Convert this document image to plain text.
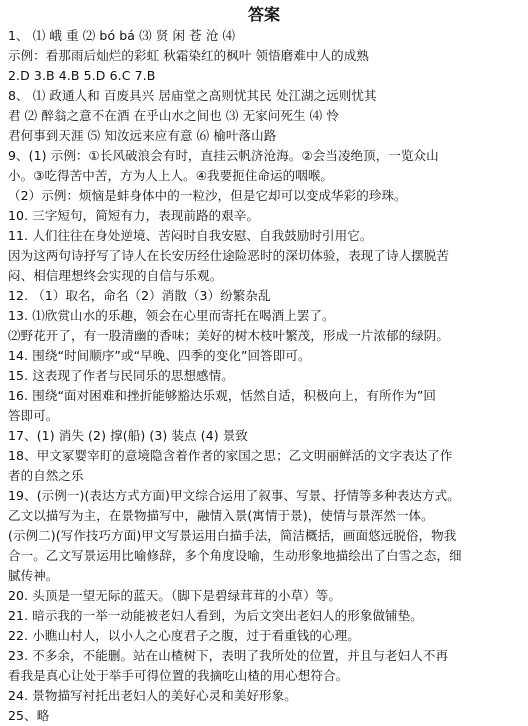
答案
1、 ⑴ 峨 重 ⑵ bó bá ⑶ 贤 闲 苍 沧 ⑷
示例：看那雨后灿烂的彩虹 秋霜染红的枫叶 领悟磨难中人的成熟
2.D 3.B 4.B 5.D 6.C 7.B
8、 ⑴ 政通人和 百废具兴 居庙堂之高则忧其民 处江湖之远则忧其
君 ⑵ 醉翁之意不在酒 在乎山水之间也 ⑶ 无家问死生 ⑷ 怜
君何事到天涯 ⑸ 知汝远来应有意 ⑹ 榆叶落山路
9、(1) 示例：①长风破浪会有时，直挂云帆济沧海。②会当凌绝顶，一览众山
小。③吃得苦中苦，方为人上人。④我要扼住命运的咽喉。
（2）示例：烦恼是蚌身体中的一粒沙，但是它却可以变成华彩的珍珠。
10. 三字短句，简短有力，表现前路的艰辛。
11. 人们往往在身处逆境、苦闷时自我安慰、自我鼓励时引用它。
因为这两句诗抒写了诗人在长安历经仕途险恶时的深切体验，表现了诗人摆脱苦
闷、相信理想终会实现的自信与乐观。
12. （1）取名，命名（2）消散（3）纷繁杂乱
13. ⑴欣赏山水的乐趣，领会在心里而寄托在喝酒上罢了。
⑵野花开了，有一股清幽的香味；美好的树木枝叶繁茂，形成一片浓郁的绿阴。
14. 围绕“时间顺序”或“早晚、四季的变化”回答即可。
15. 这表现了作者与民同乐的思想感情。
16. 围绕“面对困难和挫折能够豁达乐观，恬然自适，积极向上，有所作为”回
答即可。
17、(1) 消失 (2) 撑(船) (3) 装点 (4) 景致
18、甲文冢婴宰盯的意境隐含着作者的家国之思；乙文明丽鲜活的文字表达了作
者的自然之乐
19、(示例一)(表达方式方面)甲文综合运用了叙事、写景、抒情等多种表达方式。
乙文以描写为主，在景物描写中，融情入景(寓情于景)，使情与景浑然一体。
(示例二)(写作技巧方面)甲文写景运用白描手法，简洁概括，画面悠远脱俗，物我
合一。乙文写景运用比喻修辞，多个角度设喻，生动形象地描绘出了白雪之态，细
腻传神。
20. 头顶是一望无际的蓝天。（脚下是碧绿茸茸的小草）等。
21. 暗示我的一举一动能被老妇人看到，为后文突出老妇人的形象做铺垫。
22. 小瞧山村人，以小人之心度君子之腹，过于看重钱的心理。
23. 不多余，不能删。站在山楂树下，表明了我所处的位置，并且与老妇人不再
看我是真心让处于举手可得位置的我摘吃山楂的用心想符合。
24. 景物描写衬托出老妇人的美好心灵和美好形象。
25、略
